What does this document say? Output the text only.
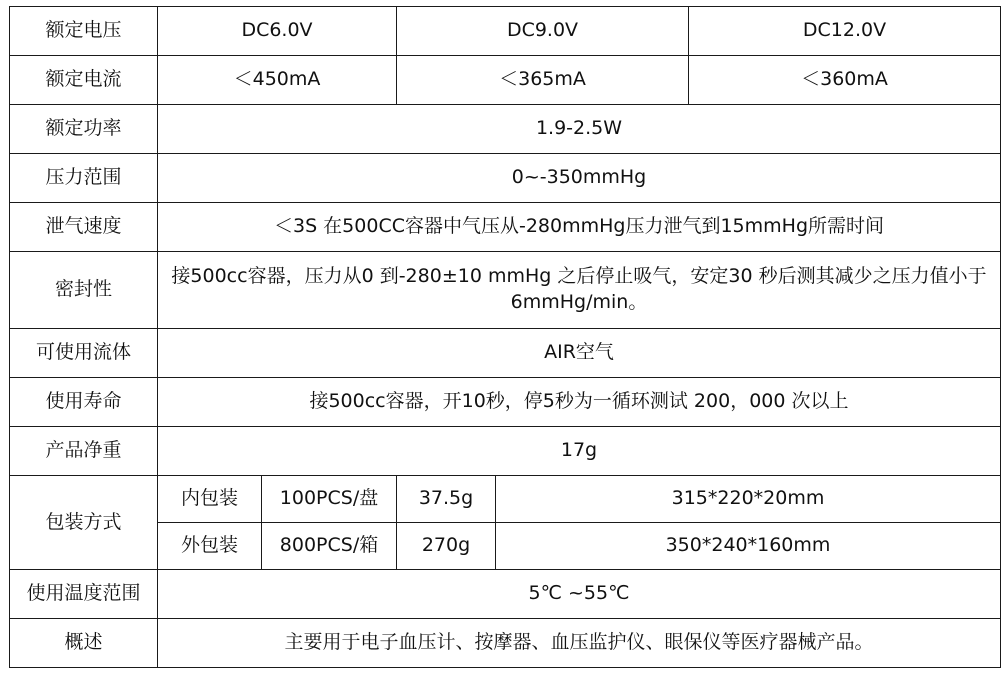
额定电压	DC6.0V		DC9.0V		DC12.0V
额定电流	＜450mA		＜365mA		＜360mA
额定功率	1.9-2.5W				
压力范围	0~-350mmHg				
泄气速度	＜3S 在500CC容器中气压从-280mmHg压力泄气到15mmHg所需时间				
密封性	接500cc容器，压力从0 到-280±10 mmHg 之后停止吸气，安定30 秒后测其减少之压力值小于6mmHg/min。				
可使用流体	AIR空气				
使用寿命	接500cc容器，开10秒，停5秒为一循环测试 200，000 次以上				
产品净重	17g				
包装方式	内包装	100PCS/盘	37.5g	315*220*20mm	
	外包装	800PCS/箱	270g	350*240*160mm	
使用温度范围	5℃ ~55℃				
概述	主要用于电子血压计、按摩器、血压监护仪、眼保仪等医疗器械产品。				
